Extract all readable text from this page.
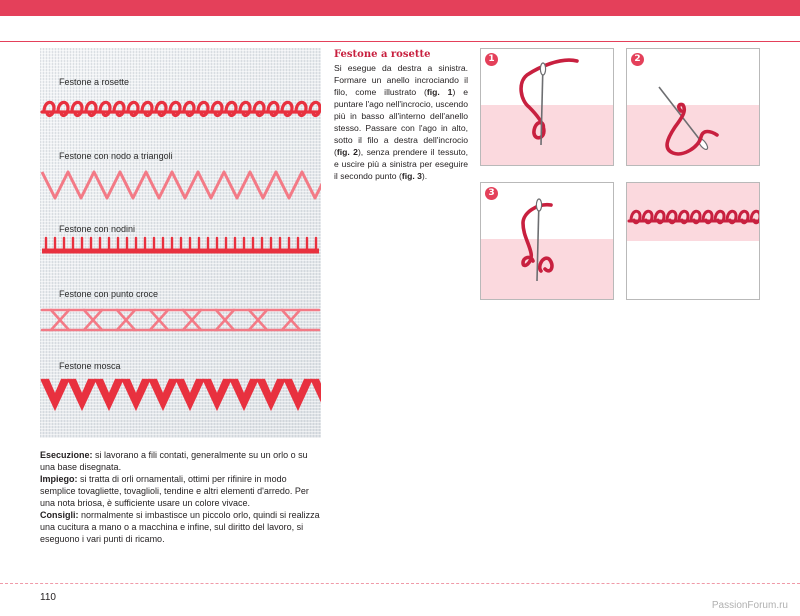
Festone a rosette
Festone con nodo a triangoli
Festone con nodini
Festone con punto croce
Festone mosca

Esecuzione: si lavorano a fili contati, generalmente su un orlo o su una base disegnata.

Impiego: si tratta di orli ornamentali, ottimi per rifinire in modo semplice tovagliette, tovaglioli, tendine e altri elementi d'arredo. Per una nota briosa, è sufficiente usare un colore vivace.

Consigli: normalmente si imbastisce un piccolo orlo, quindi si realizza una cucitura a mano o a macchina e infine, sul diritto del lavoro, si eseguono i vari punti di ricamo.

Festone a rosette
Si esegue da destra a sinistra. Formare un anello incrociando il filo, come illustrato (fig. 1) e puntare l'ago nell'incrocio, uscendo più in basso all'interno dell'anello stesso. Passare con l'ago in alto, sotto il filo a destra dell'incrocio (fig. 2), senza prendere il tessuto, e uscire più a sinistra per eseguire il secondo punto (fig. 3).
1	2
3
110
PassionForum.ru
